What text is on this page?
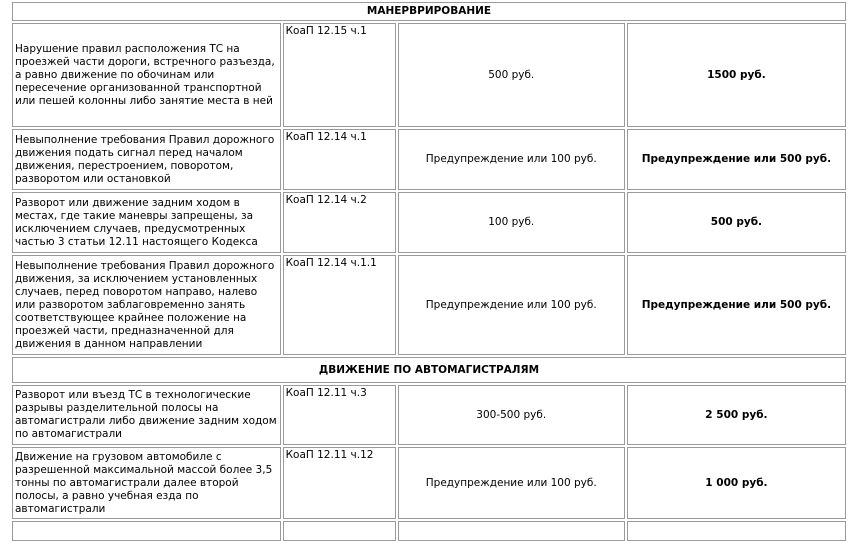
МАНЕРВРИРОВАНИЕ			
Нарушение правил расположения ТС на проезжей части дороги, встречного разъезда, а равно движение по обочинам или пересечение организованной транспортной или пешей колонны либо занятие места в ней	КоаП 12.15 ч.1	500 руб.	1500 руб.
Невыполнение требования Правил дорожного движения подать сигнал перед началом движения, перестроением, поворотом, разворотом или остановкой	КоаП 12.14 ч.1	Предупреждение или 100 руб.	Предупреждение или 500 руб.
Разворот или движение задним ходом в местах, где такие маневры запрещены, за исключением случаев, предусмотренных частью 3 статьи 12.11 настоящего Кодекса	КоаП 12.14 ч.2	100 руб.	500 руб.
Невыполнение требования Правил дорожного движения, за исключением установленных случаев, перед поворотом направо, налево или разворотом заблаговременно занять соответствующее крайнее положение на проезжей части, предназначенной для движения в данном направлении	КоаП 12.14 ч.1.1	Предупреждение или 100 руб.	Предупреждение или 500 руб.
ДВИЖЕНИЕ ПО АВТОМАГИСТРАЛЯМ			
Разворот или въезд ТС в технологические разрывы разделительной полосы на автомагистрали либо движение задним ходом по автомагистрали	КоаП 12.11 ч.3	300-500 руб.	2 500 руб.
Движение на грузовом автомобиле с разрешенной максимальной массой более 3,5 тонны по автомагистрали далее второй полосы, а равно учебная езда по автомагистрали	КоаП 12.11 ч.12	Предупреждение или 100 руб.	1 000 руб.
